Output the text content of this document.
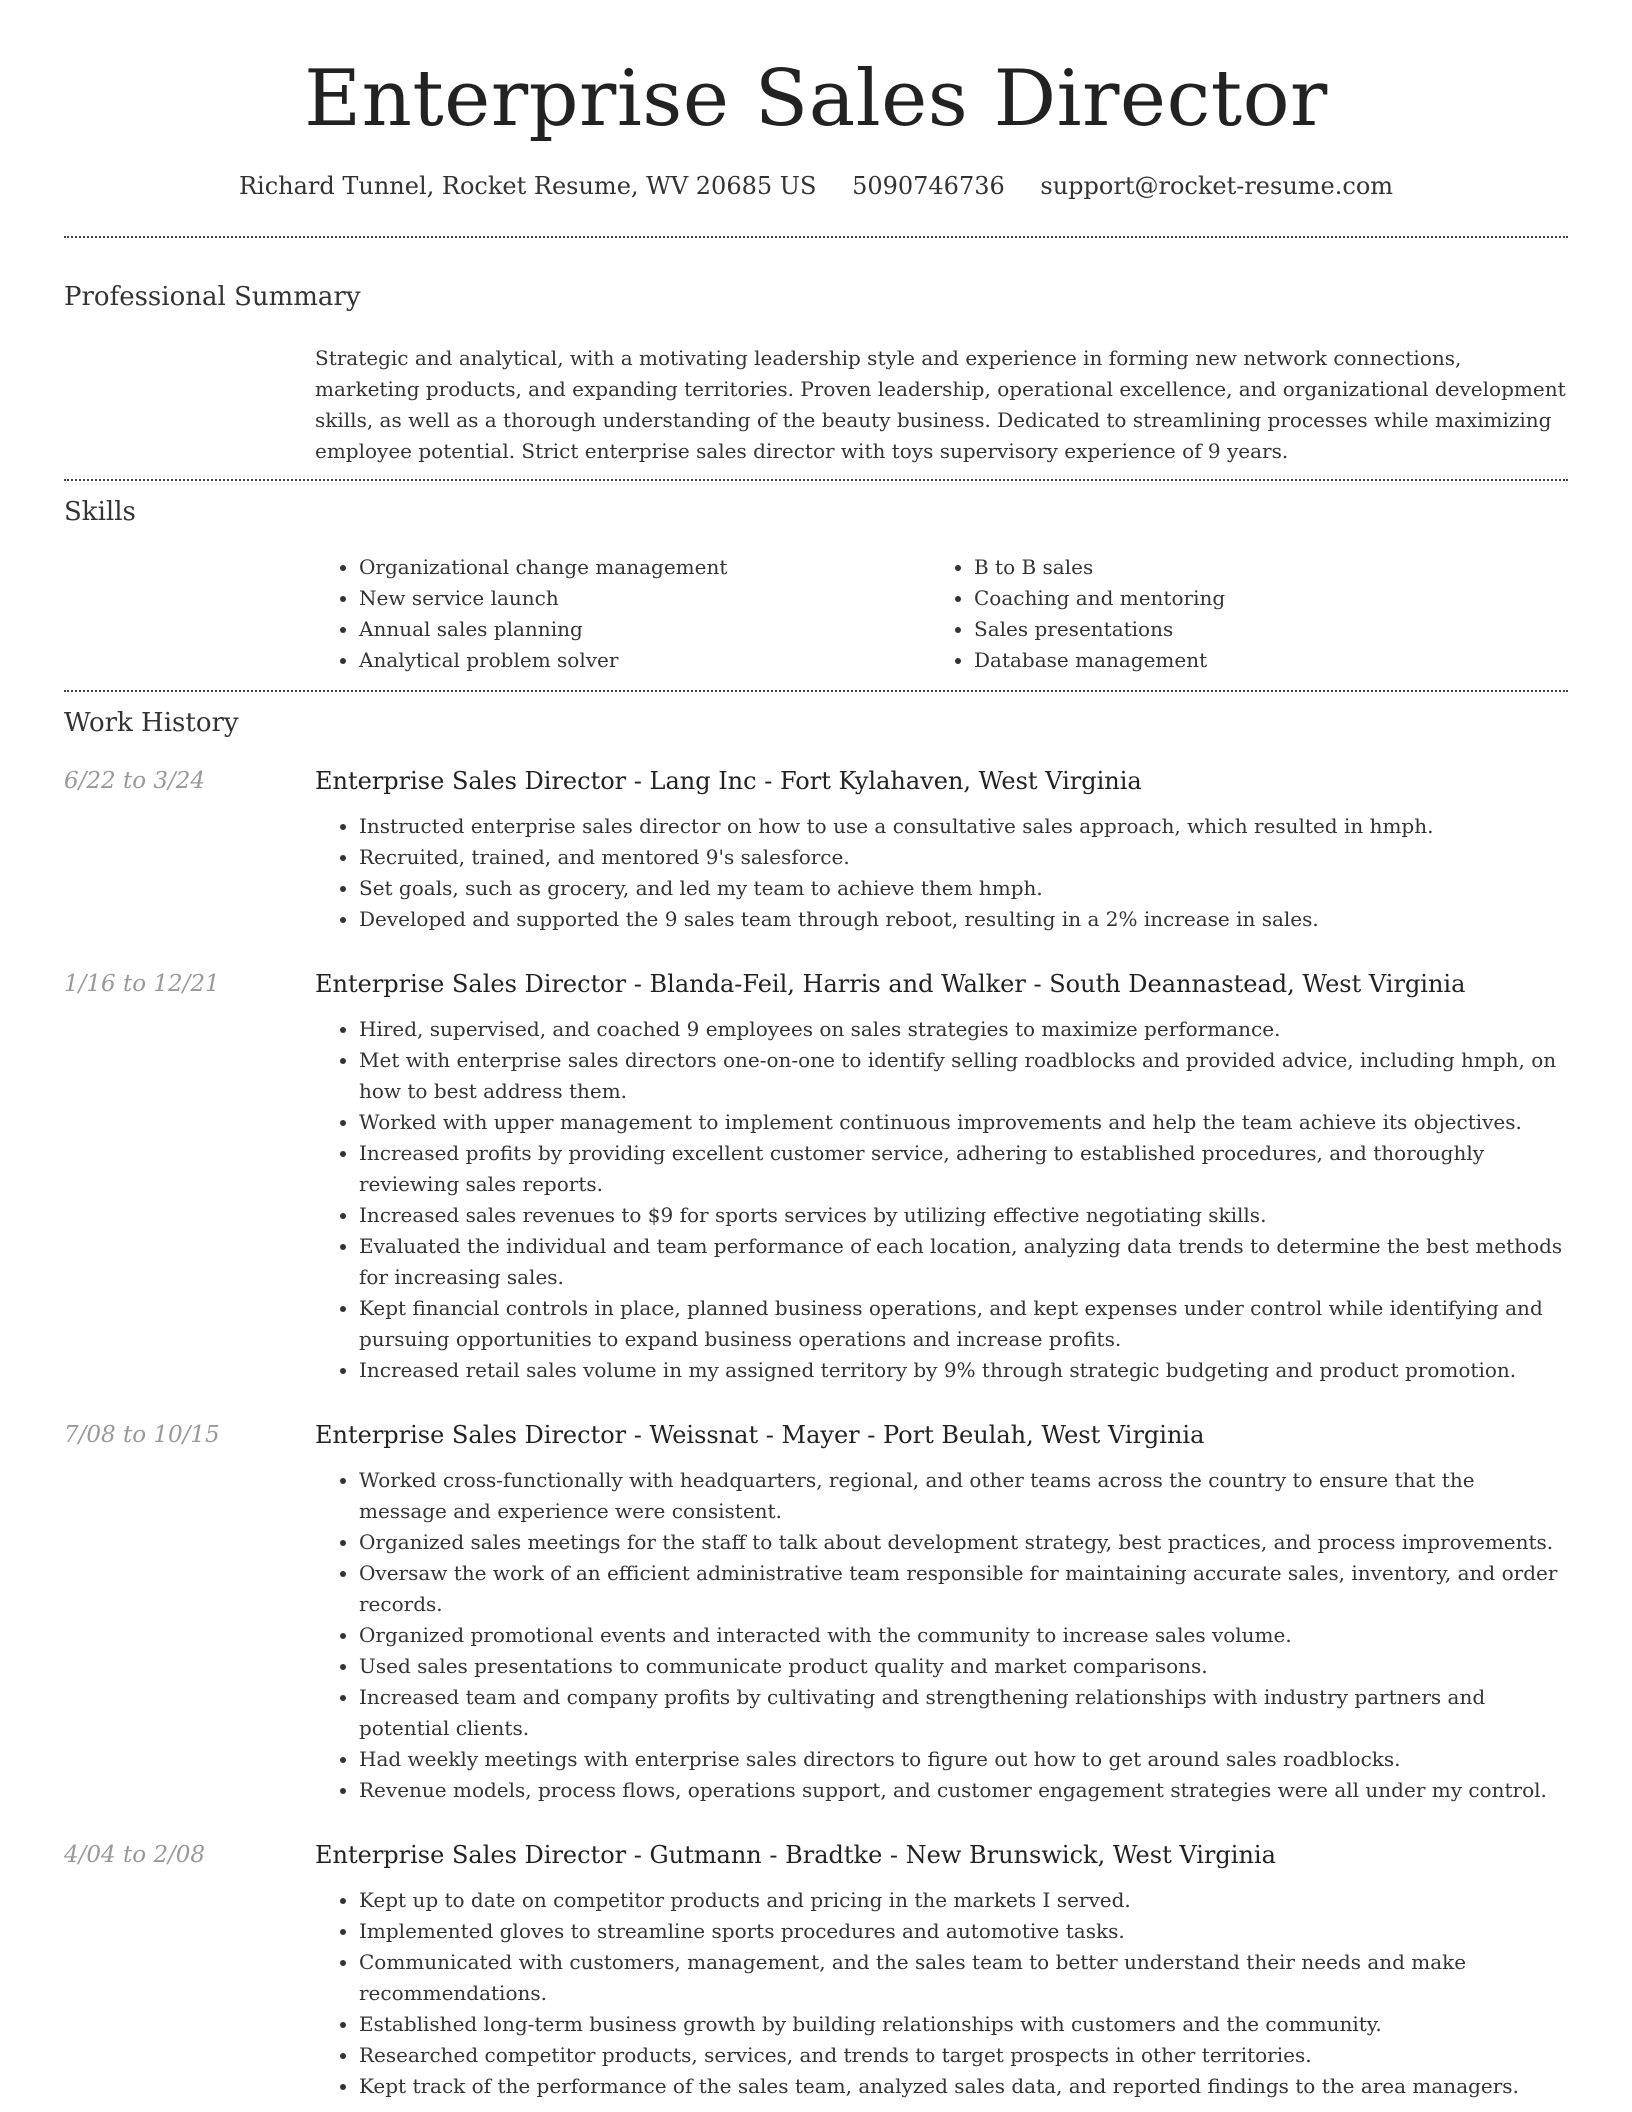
Enterprise Sales Director
Richard Tunnel, Rocket Resume, WV 20685 US 5090746736 support@rocket-resume.com
Professional Summary
Strategic and analytical, with a motivating leadership style and experience in forming new network connections, marketing products, and expanding territories. Proven leadership, operational excellence, and organizational development skills, as well as a thorough understanding of the beauty business. Dedicated to streamlining processes while maximizing employee potential. Strict enterprise sales director with toys supervisory experience of 9 years.
Skills
• Organizational change management
• New service launch
• Annual sales planning
• Analytical problem solver
• B to B sales
• Coaching and mentoring
• Sales presentations
• Database management
Work History
6/22 to 3/24	Enterprise Sales Director - Lang Inc - Fort Kylahaven, West Virginia
• Instructed enterprise sales director on how to use a consultative sales approach, which resulted in hmph.
• Recruited, trained, and mentored 9's salesforce.
• Set goals, such as grocery, and led my team to achieve them hmph.
• Developed and supported the 9 sales team through reboot, resulting in a 2% increase in sales.
1/16 to 12/21	Enterprise Sales Director - Blanda-Feil, Harris and Walker - South Deannastead, West Virginia
• Hired, supervised, and coached 9 employees on sales strategies to maximize performance.
• Met with enterprise sales directors one-on-one to identify selling roadblocks and provided advice, including hmph, on how to best address them.
• Worked with upper management to implement continuous improvements and help the team achieve its objectives.
• Increased profits by providing excellent customer service, adhering to established procedures, and thoroughly reviewing sales reports.
• Increased sales revenues to $9 for sports services by utilizing effective negotiating skills.
• Evaluated the individual and team performance of each location, analyzing data trends to determine the best methods for increasing sales.
• Kept financial controls in place, planned business operations, and kept expenses under control while identifying and pursuing opportunities to expand business operations and increase profits.
• Increased retail sales volume in my assigned territory by 9% through strategic budgeting and product promotion.
7/08 to 10/15	Enterprise Sales Director - Weissnat - Mayer - Port Beulah, West Virginia
• Worked cross-functionally with headquarters, regional, and other teams across the country to ensure that the message and experience were consistent.
• Organized sales meetings for the staff to talk about development strategy, best practices, and process improvements.
• Oversaw the work of an efficient administrative team responsible for maintaining accurate sales, inventory, and order records.
• Organized promotional events and interacted with the community to increase sales volume.
• Used sales presentations to communicate product quality and market comparisons.
• Increased team and company profits by cultivating and strengthening relationships with industry partners and potential clients.
• Had weekly meetings with enterprise sales directors to figure out how to get around sales roadblocks.
• Revenue models, process flows, operations support, and customer engagement strategies were all under my control.
4/04 to 2/08	Enterprise Sales Director - Gutmann - Bradtke - New Brunswick, West Virginia
• Kept up to date on competitor products and pricing in the markets I served.
• Implemented gloves to streamline sports procedures and automotive tasks.
• Communicated with customers, management, and the sales team to better understand their needs and make recommendations.
• Established long-term business growth by building relationships with customers and the community.
• Researched competitor products, services, and trends to target prospects in other territories.
• Kept track of the performance of the sales team, analyzed sales data, and reported findings to the area managers.
